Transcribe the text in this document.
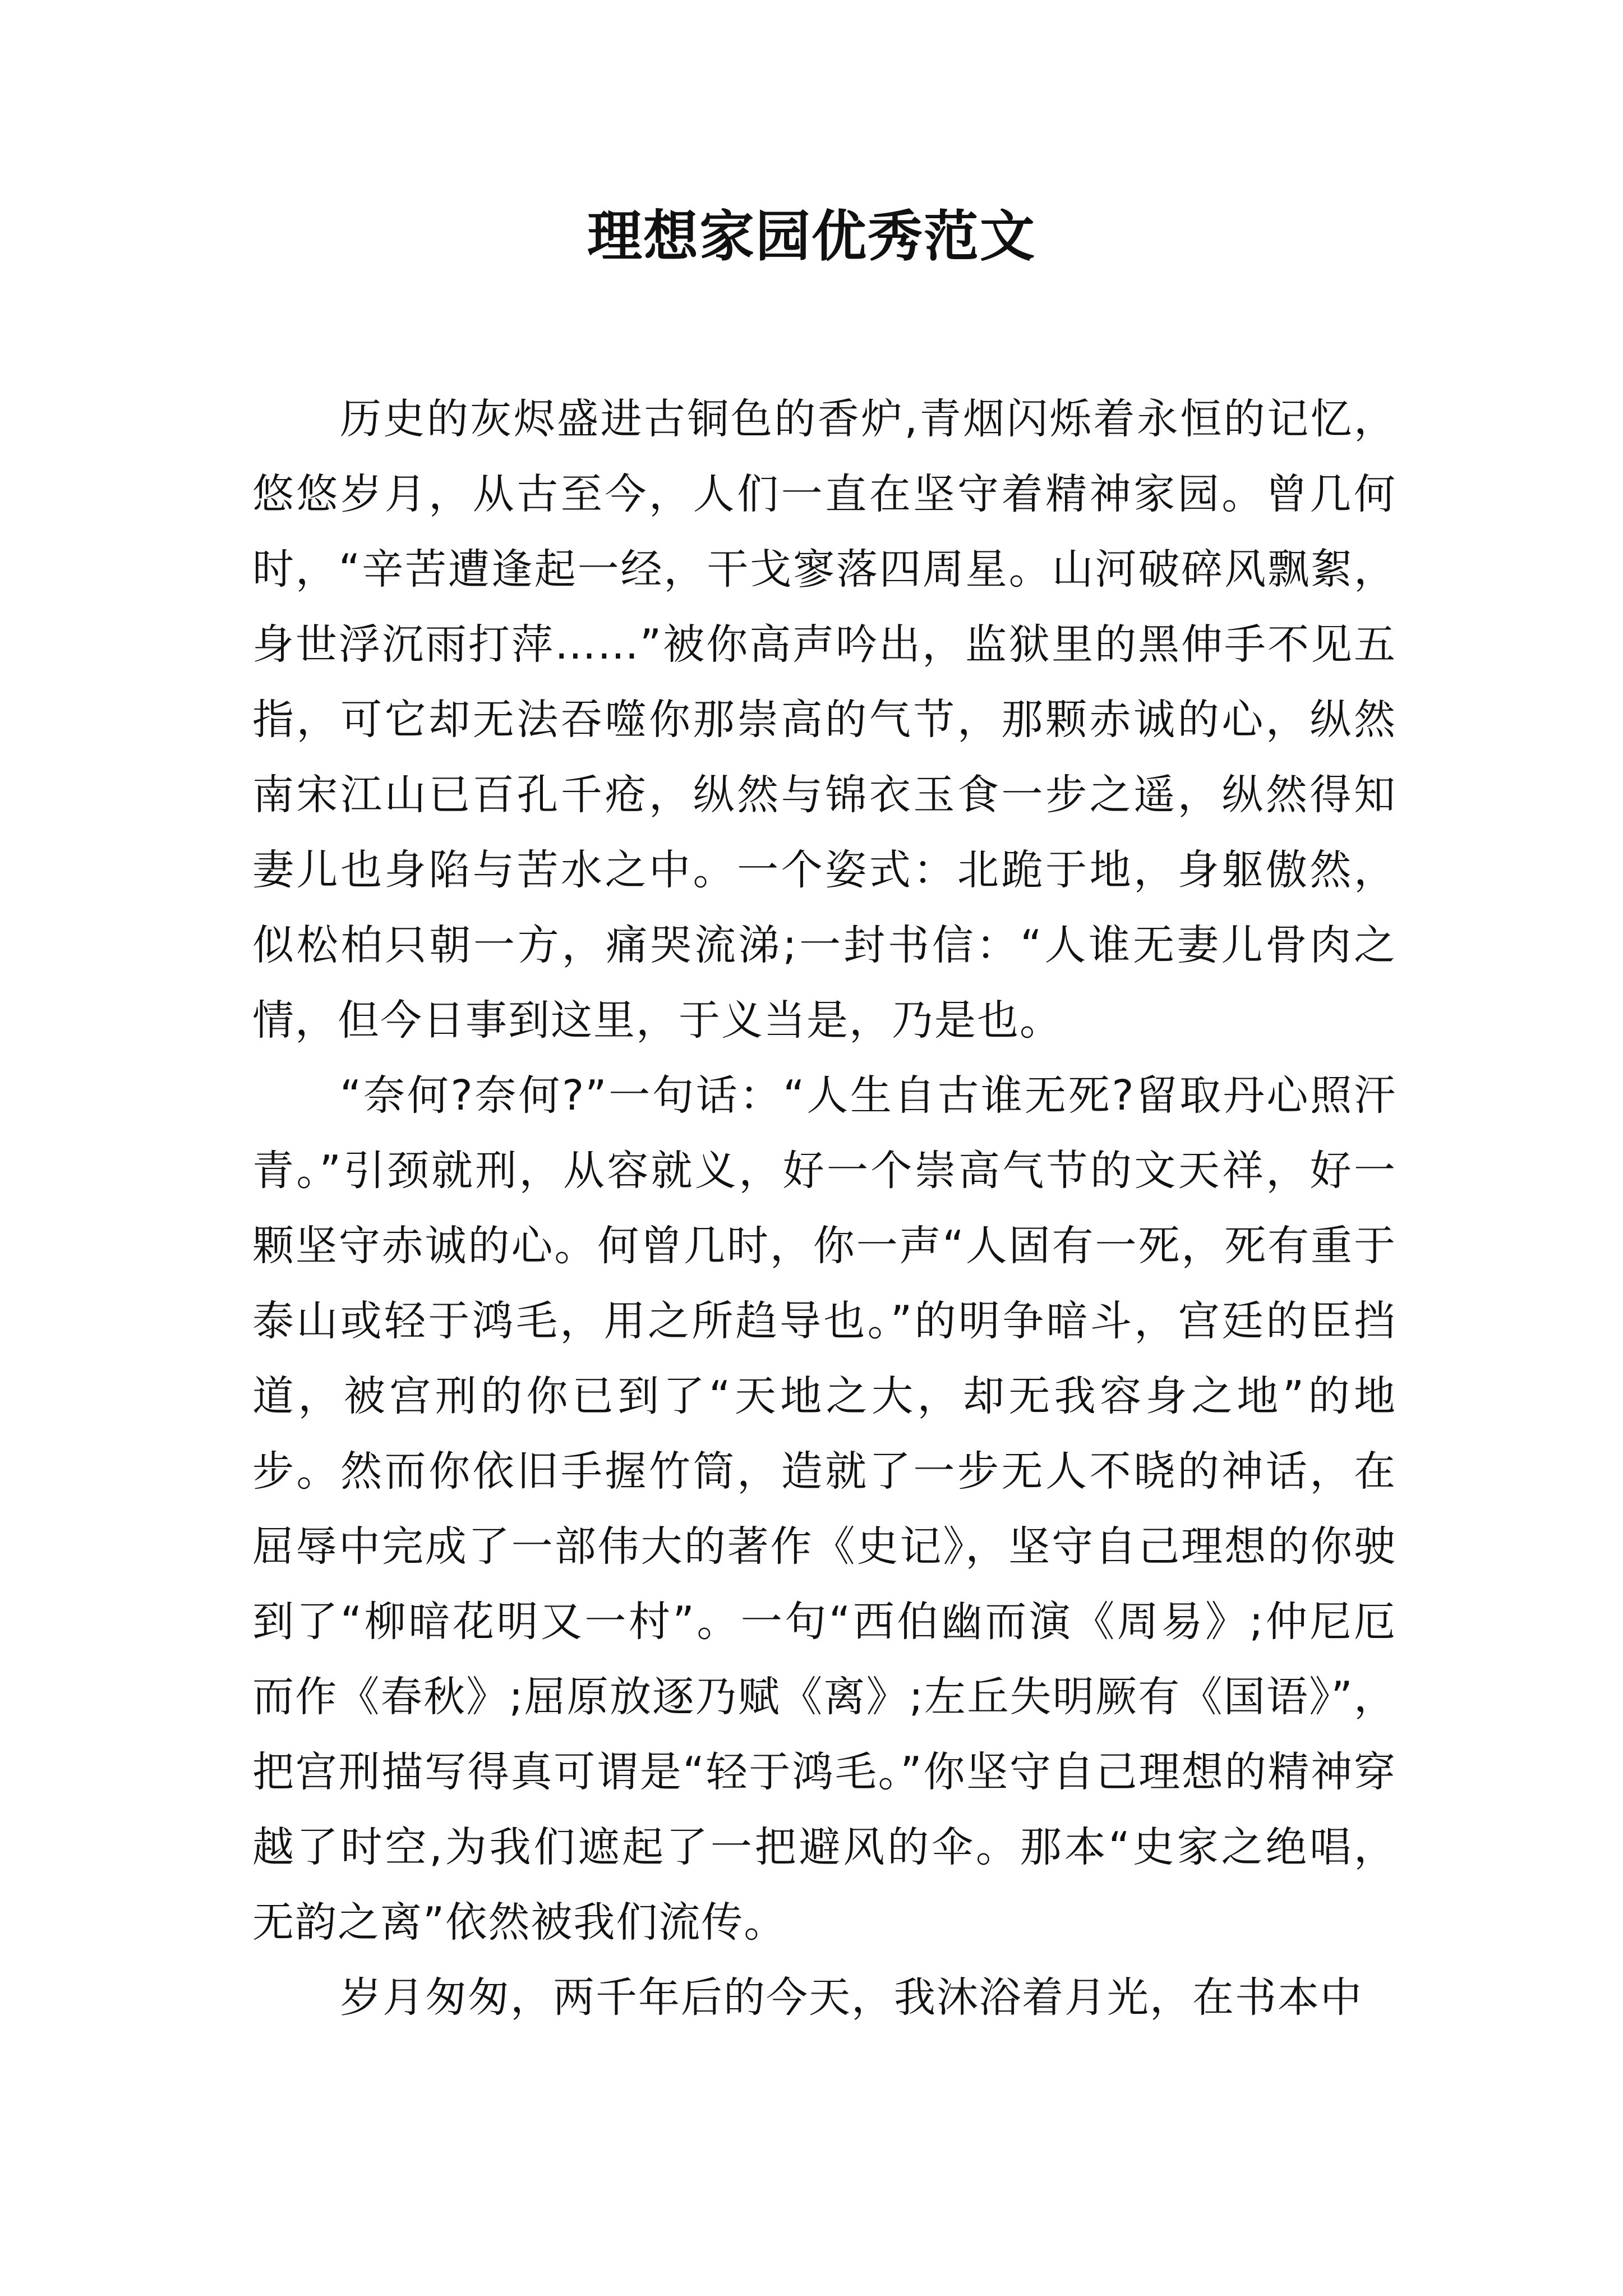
理想家园优秀范文

历史的灰烬盛进古铜色的香炉,青烟闪烁着永恒的记忆，悠悠岁月，从古至今，人们一直在坚守着精神家园。曾几何时，“辛苦遭逢起一经，干戈寥落四周星。山河破碎风飘絮，身世浮沉雨打萍……”被你高声吟出，监狱里的黑伸手不见五指，可它却无法吞噬你那崇高的气节，那颗赤诚的心，纵然南宋江山已百孔千疮，纵然与锦衣玉食一步之遥，纵然得知妻儿也身陷与苦水之中。一个姿式：北跪于地，身躯傲然，似松柏只朝一方，痛哭流涕;一封书信：“人谁无妻儿骨肉之情，但今日事到这里，于义当是，乃是也。

“奈何?奈何?”一句话：“人生自古谁无死?留取丹心照汗青。”引颈就刑，从容就义，好一个崇高气节的文天祥，好一颗坚守赤诚的心。何曾几时，你一声“人固有一死，死有重于泰山或轻于鸿毛，用之所趋导也。”的明争暗斗，宫廷的臣挡道，被宫刑的你已到了“天地之大，却无我容身之地”的地步。然而你依旧手握竹筒，造就了一步无人不晓的神话，在屈辱中完成了一部伟大的著作《史记》，坚守自己理想的你驶到了“柳暗花明又一村”。一句“西伯幽而演《周易》;仲尼厄而作《春秋》;屈原放逐乃赋《离》;左丘失明厥有《国语》”，把宫刑描写得真可谓是“轻于鸿毛。”你坚守自己理想的精神穿越了时空,为我们遮起了一把避风的伞。那本“史家之绝唱，无韵之离”依然被我们流传。

岁月匆匆，两千年后的今天，我沐浴着月光，在书本中
